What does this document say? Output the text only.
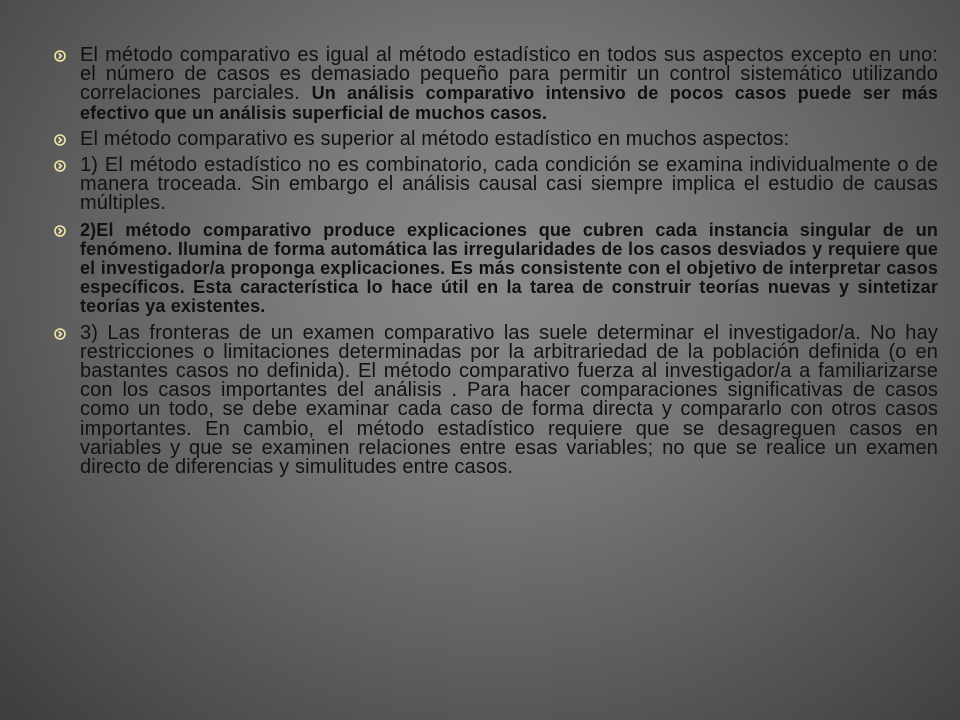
El método comparativo es igual al método estadístico en todos sus aspectos excepto en uno: el número de casos es demasiado pequeño para permitir un control sistemático utilizando correlaciones parciales. Un análisis comparativo intensivo de pocos casos puede ser más efectivo que un análisis superficial de muchos casos.
El método comparativo es superior al método estadístico en muchos aspectos:
1) El método estadístico no es combinatorio, cada condición se examina individualmente o de manera troceada. Sin embargo el análisis causal casi siempre implica el estudio de causas múltiples.
2)El método comparativo produce explicaciones que cubren cada instancia singular de un fenómeno. Ilumina de forma automática las irregularidades de los casos desviados y requiere que el investigador/a proponga explicaciones. Es más consistente con el objetivo de interpretar casos específicos. Esta característica lo hace útil en la tarea de construir teorías nuevas y sintetizar teorías ya existentes.
3) Las fronteras de un examen comparativo las suele determinar el investigador/a. No hay restricciones o limitaciones determinadas por la arbitrariedad de la población definida (o en bastantes casos no definida). El método comparativo fuerza al investigador/a a familiarizarse con los casos importantes del análisis . Para hacer comparaciones significativas de casos como un todo, se debe examinar cada caso de forma directa y compararlo con otros casos importantes. En cambio, el método estadístico requiere que se desagreguen casos en variables y que se examinen relaciones entre esas variables; no que se realice un examen directo de diferencias y simulitudes entre casos.
